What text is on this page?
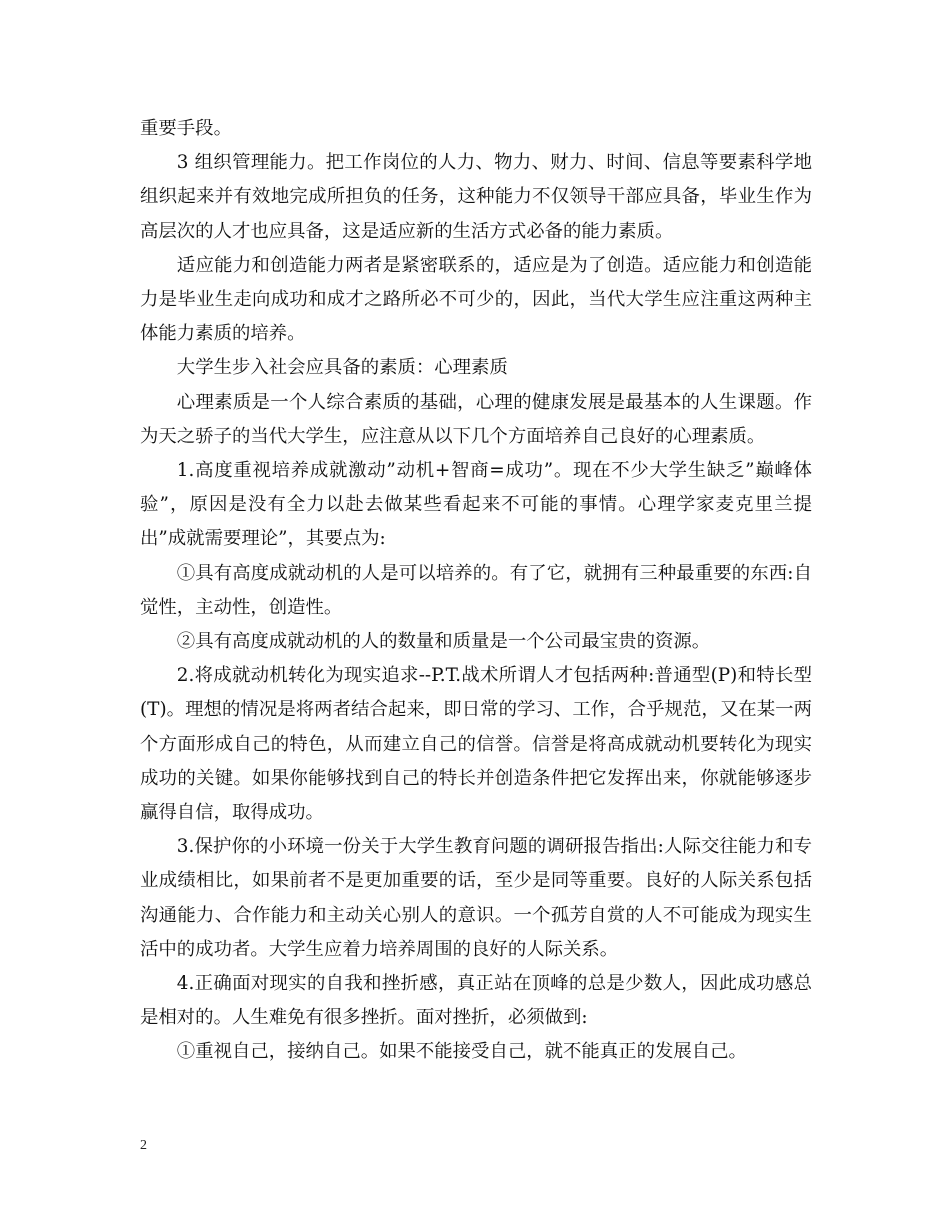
重要手段。

3 组织管理能力。把工作岗位的人力、物力、财力、时间、信息等要素科学地组织起来并有效地完成所担负的任务，这种能力不仅领导干部应具备，毕业生作为高层次的人才也应具备，这是适应新的生活方式必备的能力素质。

适应能力和创造能力两者是紧密联系的，适应是为了创造。适应能力和创造能力是毕业生走向成功和成才之路所必不可少的，因此，当代大学生应注重这两种主体能力素质的培养。

大学生步入社会应具备的素质：心理素质

心理素质是一个人综合素质的基础，心理的健康发展是最基本的人生课题。作为天之骄子的当代大学生，应注意从以下几个方面培养自己良好的心理素质。

1.高度重视培养成就激动”动机+智商=成功”。现在不少大学生缺乏”巅峰体验”，原因是没有全力以赴去做某些看起来不可能的事情。心理学家麦克里兰提出”成就需要理论”，其要点为:

①具有高度成就动机的人是可以培养的。有了它，就拥有三种最重要的东西:自觉性，主动性，创造性。

②具有高度成就动机的人的数量和质量是一个公司最宝贵的资源。

2.将成就动机转化为现实追求--P.T.战术所谓人才包括两种:普通型(P)和特长型(T)。理想的情况是将两者结合起来，即日常的学习、工作，合乎规范，又在某一两个方面形成自己的特色，从而建立自己的信誉。信誉是将高成就动机要转化为现实成功的关键。如果你能够找到自己的特长并创造条件把它发挥出来，你就能够逐步赢得自信，取得成功。

3.保护你的小环境一份关于大学生教育问题的调研报告指出:人际交往能力和专业成绩相比，如果前者不是更加重要的话，至少是同等重要。良好的人际关系包括沟通能力、合作能力和主动关心别人的意识。一个孤芳自赏的人不可能成为现实生活中的成功者。大学生应着力培养周围的良好的人际关系。

4.正确面对现实的自我和挫折感，真正站在顶峰的总是少数人，因此成功感总是相对的。人生难免有很多挫折。面对挫折，必须做到:

①重视自己，接纳自己。如果不能接受自己，就不能真正的发展自己。

2
